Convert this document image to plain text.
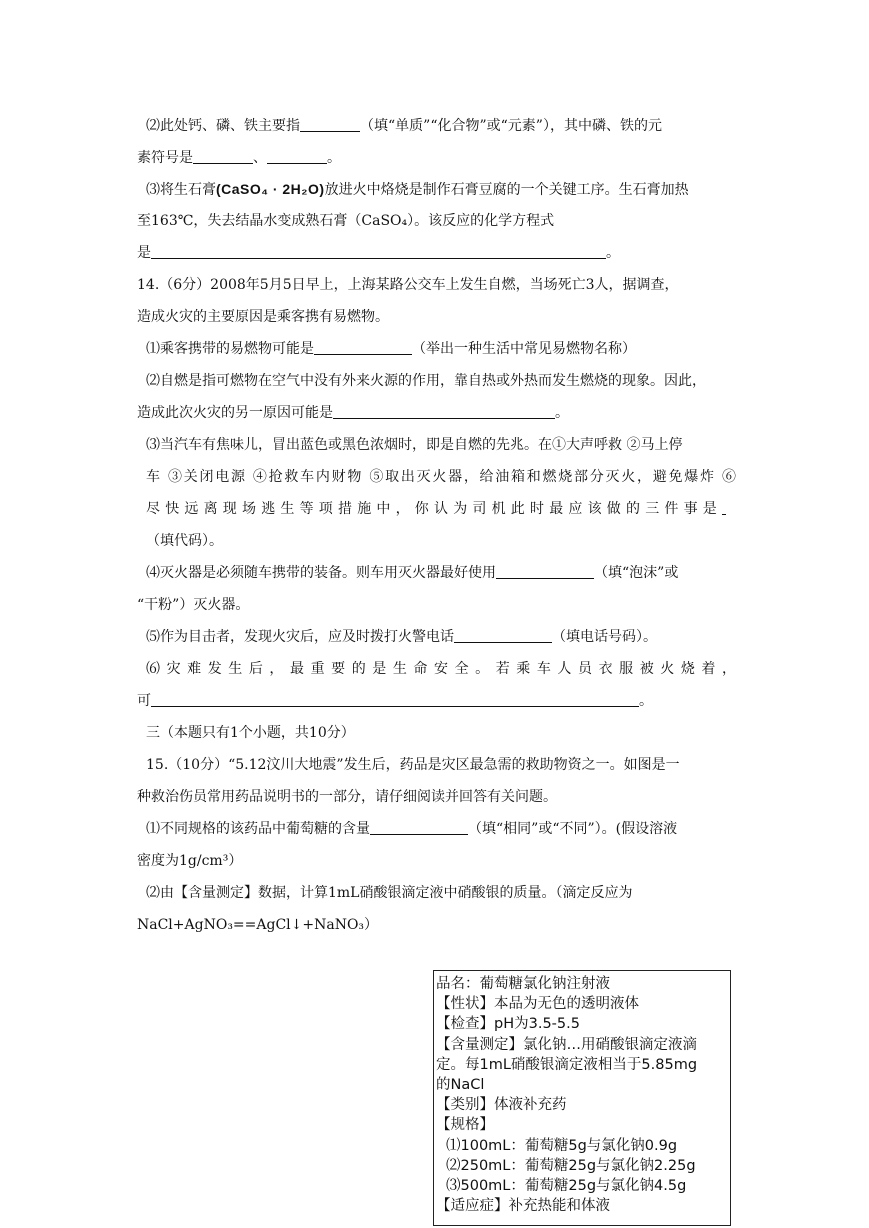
⑵此处钙、磷、铁主要指	（填“单质”“化合物”或“元素”），其中磷、铁的元
素符号是	、	。
⑶将生石膏(CaSO₄ · 2H₂O)放进火中烙烧是制作石膏豆腐的一个关键工序。生石膏加热
至163℃，失去结晶水变成熟石膏（CaSO₄）。该反应的化学方程式
是	。
14.（6分）2008年5月5日早上，上海某路公交车上发生自燃，当场死亡3人，据调查，
造成火灾的主要原因是乘客携有易燃物。
⑴乘客携带的易燃物可能是	（举出一种生活中常见易燃物名称）
⑵自燃是指可燃物在空气中没有外来火源的作用，靠自热或外热而发生燃烧的现象。因此，
造成此次火灾的另一原因可能是	。
⑶当汽车有焦味儿，冒出蓝色或黑色浓烟时，即是自燃的先兆。在①大声呼救 ②马上停
车 ③关闭电源 ④抢救车内财物 ⑤取出灭火器，给油箱和燃烧部分灭火，避免爆炸 ⑥
尽快远离现场逃生等项措施中，你认为司机此时最应该做的三件事是
（填代码）。
⑷灭火器是必须随车携带的装备。则车用灭火器最好使用	（填“泡沫”或
“干粉”）灭火器。
⑸作为目击者，发现火灾后，应及时拨打火警电话	（填电话号码）。
⑹灾难发生后，最重要的是生命安全。若乘车人员衣服被火烧着，
可	。
三（本题只有1个小题，共10分）
15.（10分）“5.12汶川大地震”发生后，药品是灾区最急需的救助物资之一。如图是一
种救治伤员常用药品说明书的一部分，请仔细阅读并回答有关问题。
⑴不同规格的该药品中葡萄糖的含量	（填“相同”或“不同”）。(假设溶液
密度为1g/cm³）
⑵由【含量测定】数据，计算1mL硝酸银滴定液中硝酸银的质量。（滴定反应为
NaCl+AgNO₃==AgCl↓+NaNO₃）
品名：葡萄糖氯化钠注射液
【性状】本品为无色的透明液体
【检查】pH为3.5-5.5
【含量测定】氯化钠…用硝酸银滴定液滴
定。每1mL硝酸银滴定液相当于5.85mg
的NaCl
【类别】体液补充药
【规格】
⑴100mL：葡萄糖5g与氯化钠0.9g
⑵250mL：葡萄糖25g与氯化钠2.25g
⑶500mL：葡萄糖25g与氯化钠4.5g
【适应症】补充热能和体液
